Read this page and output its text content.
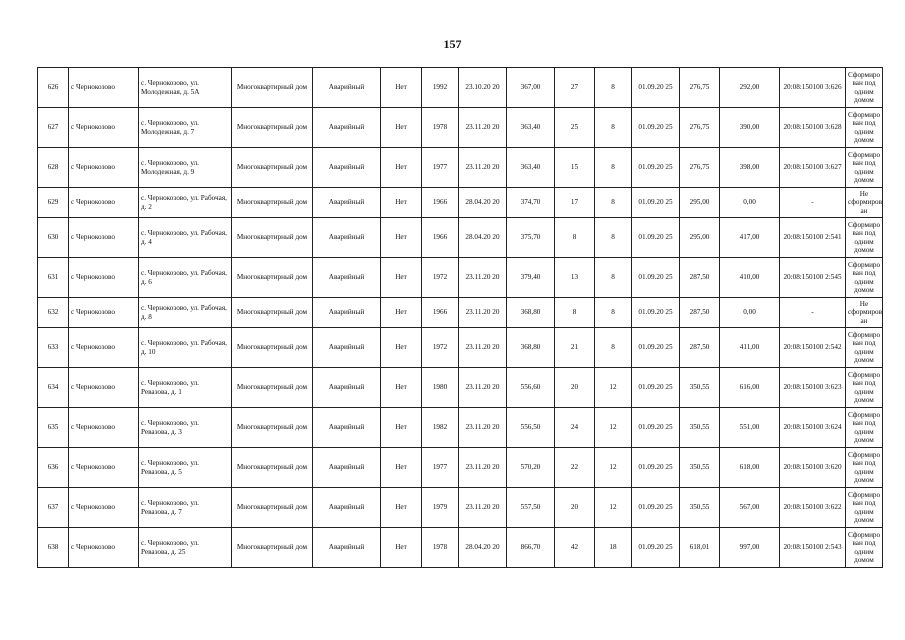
157
626	с Чернокозово	с. Чернокозово, ул. Молодежная, д. 5А	Многоквартирный дом	Аварийный	Нет	1992	23.10.20 20	367,00	27	8	01.09.20 25	276,75	292,00	20:08:150100 3:626	Сформиро ван под одним домом
627	с Чернокозово	с. Чернокозово, ул. Молодежная, д. 7	Многоквартирный дом	Аварийный	Нет	1978	23.11.20 20	363,40	25	8	01.09.20 25	276,75	390,00	20:08:150100 3:628	Сформиро ван под одним домом
628	с Чернокозово	с. Чернокозово, ул. Молодежная, д. 9	Многоквартирный дом	Аварийный	Нет	1977	23.11.20 20	363,40	15	8	01.09.20 25	276,75	398,00	20:08:150100 3:627	Сформиро ван под одним домом
629	с Чернокозово	с. Чернокозово, ул. Рабочая, д. 2	Многоквартирный дом	Аварийный	Нет	1966	28.04.20 20	374,70	17	8	01.09.20 25	295,00	0,00	-	Не сформиров ан
630	с Чернокозово	с. Чернокозово, ул. Рабочая, д. 4	Многоквартирный дом	Аварийный	Нет	1966	28.04.20 20	375,70	8	8	01.09.20 25	295,00	417,00	20:08:150100 2:541	Сформиро ван под одним домом
631	с Чернокозово	с. Чернокозово, ул. Рабочая, д. 6	Многоквартирный дом	Аварийный	Нет	1972	23.11.20 20	379,40	13	8	01.09.20 25	287,50	410,00	20:08:150100 2:545	Сформиро ван под одним домом
632	с Чернокозово	с. Чернокозово, ул. Рабочая, д. 8	Многоквартирный дом	Аварийный	Нет	1966	23.11.20 20	368,80	8	8	01.09.20 25	287,50	0,00	-	Не сформиров ан
633	с Чернокозово	с. Чернокозово, ул. Рабочая, д. 10	Многоквартирный дом	Аварийный	Нет	1972	23.11.20 20	368,80	21	8	01.09.20 25	287,50	411,00	20:08:150100 2:542	Сформиро ван под одним домом
634	с Чернокозово	с. Чернокозово, ул. Ревазова, д. 1	Многоквартирный дом	Аварийный	Нет	1980	23.11.20 20	556,60	20	12	01.09.20 25	350,55	616,00	20:08:150100 3:623	Сформиро ван под одним домом
635	с Чернокозово	с. Чернокозово, ул. Ревазова, д. 3	Многоквартирный дом	Аварийный	Нет	1982	23.11.20 20	556,50	24	12	01.09.20 25	350,55	551,00	20:08:150100 3:624	Сформиро ван под одним домом
636	с Чернокозово	с. Чернокозово, ул. Ревазова, д. 5	Многоквартирный дом	Аварийный	Нет	1977	23.11.20 20	570,20	22	12	01.09.20 25	350,55	618,00	20:08:150100 3:620	Сформиро ван под одним домом
637	с Чернокозово	с. Чернокозово, ул. Ревазова, д. 7	Многоквартирный дом	Аварийный	Нет	1979	23.11.20 20	557,50	20	12	01.09.20 25	350,55	567,00	20:08:150100 3:622	Сформиро ван под одним домом
638	с Чернокозово	с. Чернокозово, ул. Ревазова, д. 25	Многоквартирный дом	Аварийный	Нет	1978	28.04.20 20	866,70	42	18	01.09.20 25	618,01	997,00	20:08:150100 2:543	Сформиро ван под одним домом
